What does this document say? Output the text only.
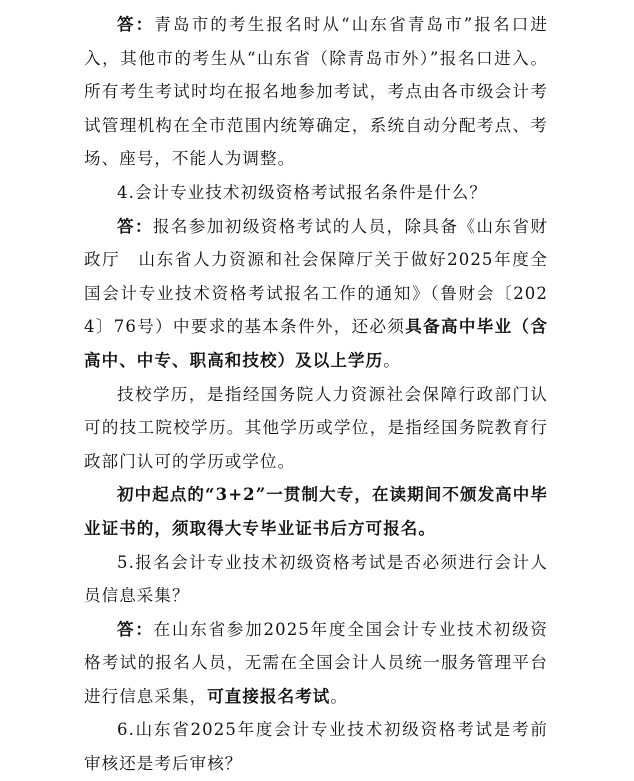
答：青岛市的考生报名时从“山东省青岛市”报名口进入，其他市的考生从“山东省（除青岛市外）”报名口进入。所有考生考试时均在报名地参加考试，考点由各市级会计考试管理机构在全市范围内统筹确定，系统自动分配考点、考场、座号，不能人为调整。

4.会计专业技术初级资格考试报名条件是什么？

答：报名参加初级资格考试的人员，除具备《山东省财政厅　山东省人力资源和社会保障厅关于做好2025年度全国会计专业技术资格考试报名工作的通知》（鲁财会〔2024〕76号）中要求的基本条件外，还必须具备高中毕业（含高中、中专、职高和技校）及以上学历。

技校学历，是指经国务院人力资源社会保障行政部门认可的技工院校学历。其他学历或学位，是指经国务院教育行政部门认可的学历或学位。

初中起点的“3+2”一贯制大专，在读期间不颁发高中毕业证书的，须取得大专毕业证书后方可报名。

5.报名会计专业技术初级资格考试是否必须进行会计人员信息采集？

答：在山东省参加2025年度全国会计专业技术初级资格考试的报名人员，无需在全国会计人员统一服务管理平台进行信息采集，可直接报名考试。

6.山东省2025年度会计专业技术初级资格考试是考前审核还是考后审核？
